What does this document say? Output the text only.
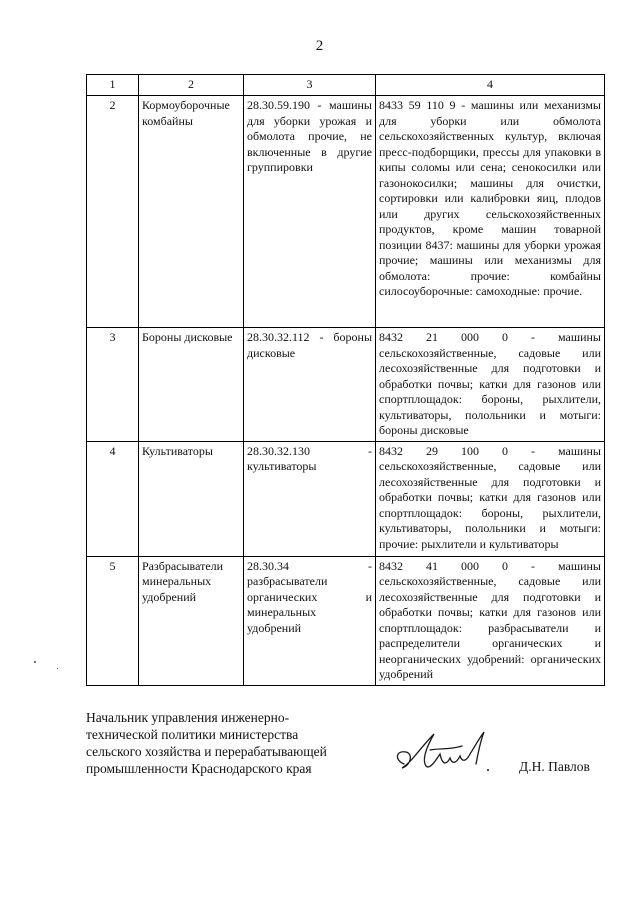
2
1	2	3	4
2	Кормоуборочные комбайны	28.30.59.190 - машины для уборки урожая и обмолота прочие, не включенные в другие группировки	8433 59 110 9 - машины или механизмы для уборки или обмолота сельскохозяйственных культур, включая пресс-подборщики, прессы для упаковки в кипы соломы или сена; сенокосилки или газонокосилки; машины для очистки, сортировки или калибровки яиц, плодов или других сельскохозяйственных продуктов, кроме машин товарной позиции 8437: машины для уборки урожая прочие; машины или механизмы для обмолота: прочие: комбайны силосоуборочные: самоходные: прочие.
3	Бороны дисковые	28.30.32.112 - бороны дисковые	8432 21 000 0 - машины сельскохозяйственные, садовые или лесохозяйственные для подготовки и обработки почвы; катки для газонов или спортплощадок: бороны, рыхлители, культиваторы, полольники и мотыги: бороны дисковые
4	Культиваторы	28.30.32.130 - культиваторы	8432 29 100 0 - машины сельскохозяйственные, садовые или лесохозяйственные для подготовки и обработки почвы; катки для газонов или спортплощадок: бороны, рыхлители, культиваторы, полольники и мотыги: прочие: рыхлители и культиваторы
5	Разбрасыватели минеральных удобрений	28.30.34 - разбрасыватели органических и минеральных удобрений	8432 41 000 0 - машины сельскохозяйственные, садовые или лесохозяйственные для подготовки и обработки почвы; катки для газонов или спортплощадок: разбрасыватели и распределители органических и неорганических удобрений: органических удобрений
Начальник управления инженерно-
технической политики министерства
сельского хозяйства и перерабатывающей
промышленности Краснодарского края	Д.Н. Павлов
